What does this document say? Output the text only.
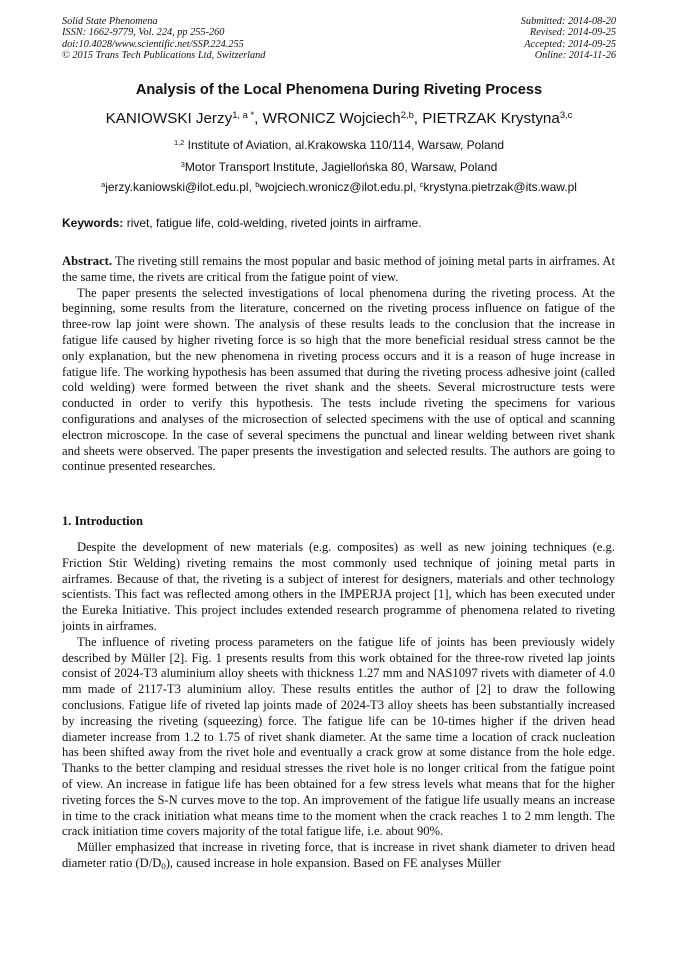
Solid State Phenomena
ISSN: 1662-9779, Vol. 224, pp 255-260
doi:10.4028/www.scientific.net/SSP.224.255
© 2015 Trans Tech Publications Ltd, Switzerland
Submitted: 2014-08-20
Revised: 2014-09-25
Accepted: 2014-09-25
Online: 2014-11-26
Analysis of the Local Phenomena During Riveting Process
KANIOWSKI Jerzy$^{1, a *}$, WRONICZ Wojciech$^{2,b}$, PIETRZAK Krystyna$^{3,c}$
$^{1,2}$ Institute of Aviation, al.Krakowska 110/114, Warsaw, Poland
$^3$Motor Transport Institute, Jagiellońska 80, Warsaw, Poland
$^a$jerzy.kaniowski@ilot.edu.pl, $^b$wojciech.wronicz@ilot.edu.pl, $^c$krystyna.pietrzak@its.waw.pl
Keywords: rivet, fatigue life, cold-welding, riveted joints in airframe.

Abstract. The riveting still remains the most popular and basic method of joining metal parts in airframes. At the same time, the rivets are critical from the fatigue point of view.

The paper presents the selected investigations of local phenomena during the riveting process. At the beginning, some results from the literature, concerned on the riveting process influence on fatigue of the three-row lap joint were shown. The analysis of these results leads to the conclusion that the increase in fatigue life caused by higher riveting force is so high that the more beneficial residual stress cannot be the only explanation, but the new phenomena in riveting process occurs and it is a reason of huge increase in fatigue life. The working hypothesis has been assumed that during the riveting process adhesive joint (called cold welding) were formed between the rivet shank and the sheets. Several microstructure tests were conducted in order to verify this hypothesis. The tests include riveting the specimens for various configurations and analyses of the microsection of selected specimens with the use of optical and scanning electron microscope. In the case of several specimens the punctual and linear welding between rivet shank and sheets were observed. The paper presents the investigation and selected results. The authors are going to continue presented researches.

1. Introduction

Despite the development of new materials (e.g. composites) as well as new joining techniques (e.g. Friction Stir Welding) riveting remains the most commonly used technique of joining metal parts in airframes. Because of that, the riveting is a subject of interest for designers, materials and other technology scientists. This fact was reflected among others in the IMPERJA project [1], which has been executed under the Eureka Initiative. This project includes extended research programme of phenomena related to riveting joints in airframes.

The influence of riveting process parameters on the fatigue life of joints has been previously widely described by Müller [2]. Fig. 1 presents results from this work obtained for the three-row riveted lap joints consist of 2024-T3 aluminium alloy sheets with thickness 1.27 mm and NAS1097 rivets with diameter of 4.0 mm made of 2117-T3 aluminium alloy. These results entitles the author of [2] to draw the following conclusions. Fatigue life of riveted lap joints made of 2024-T3 alloy sheets has been substantially increased by increasing the riveting (squeezing) force. The fatigue life can be 10-times higher if the driven head diameter increase from 1.2 to 1.75 of rivet shank diameter. At the same time a location of crack nucleation has been shifted away from the rivet hole and eventually a crack grow at some distance from the hole edge. Thanks to the better clamping and residual stresses the rivet hole is no longer critical from the fatigue point of view. An increase in fatigue life has been obtained for a few stress levels what means that for the higher riveting forces the S-N curves move to the top. An improvement of the fatigue life usually means an increase in time to the crack initiation what means time to the moment when the crack reaches 1 to 2 mm length. The crack initiation time covers majority of the total fatigue life, i.e. about 90%.

Müller emphasized that increase in riveting force, that is increase in rivet shank diameter to driven head diameter ratio $(D/D_0)$, caused increase in hole expansion. Based on FE analyses Müller
